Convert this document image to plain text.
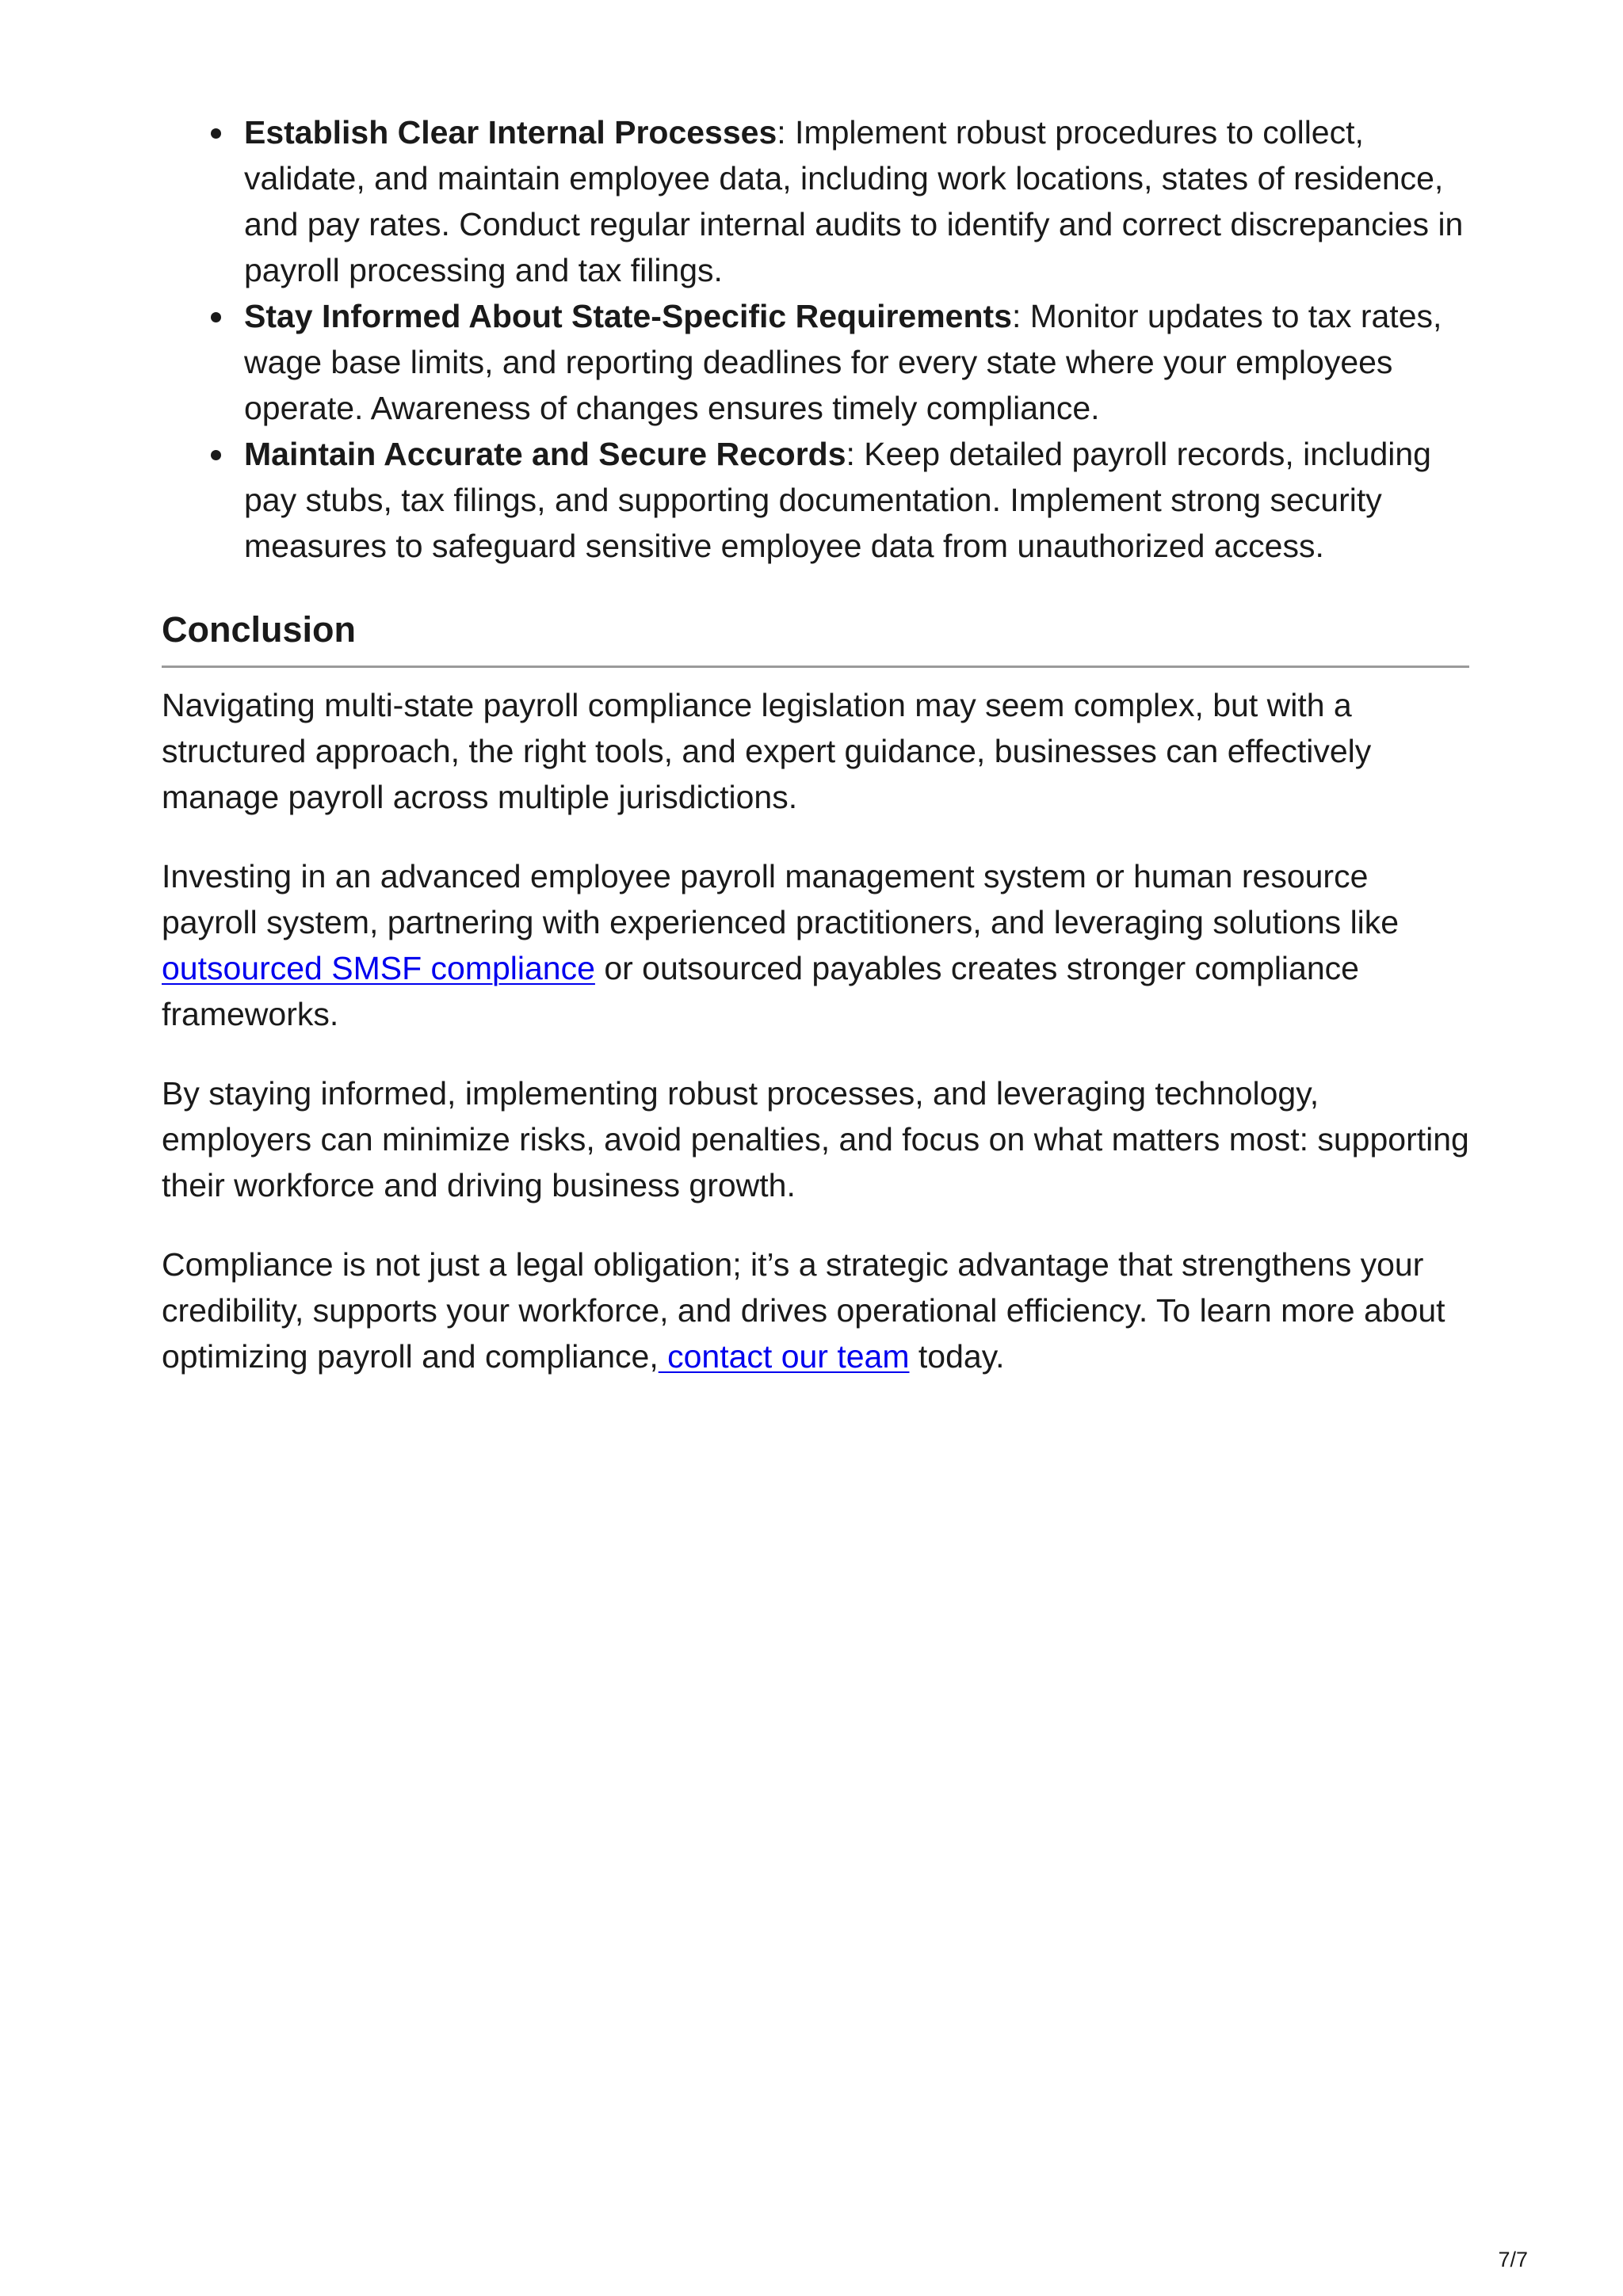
Establish Clear Internal Processes: Implement robust procedures to collect, validate, and maintain employee data, including work locations, states of residence, and pay rates. Conduct regular internal audits to identify and correct discrepancies in payroll processing and tax filings.
Stay Informed About State-Specific Requirements: Monitor updates to tax rates, wage base limits, and reporting deadlines for every state where your employees operate. Awareness of changes ensures timely compliance.
Maintain Accurate and Secure Records: Keep detailed payroll records, including pay stubs, tax filings, and supporting documentation. Implement strong security measures to safeguard sensitive employee data from unauthorized access.
Conclusion

Navigating multi-state payroll compliance legislation may seem complex, but with a structured approach, the right tools, and expert guidance, businesses can effectively manage payroll across multiple jurisdictions.

Investing in an advanced employee payroll management system or human resource payroll system, partnering with experienced practitioners, and leveraging solutions like outsourced SMSF compliance or outsourced payables creates stronger compliance frameworks.

By staying informed, implementing robust processes, and leveraging technology, employers can minimize risks, avoid penalties, and focus on what matters most: supporting their workforce and driving business growth.

Compliance is not just a legal obligation; it’s a strategic advantage that strengthens your credibility, supports your workforce, and drives operational efficiency. To learn more about optimizing payroll and compliance, contact our team today.

7/7
